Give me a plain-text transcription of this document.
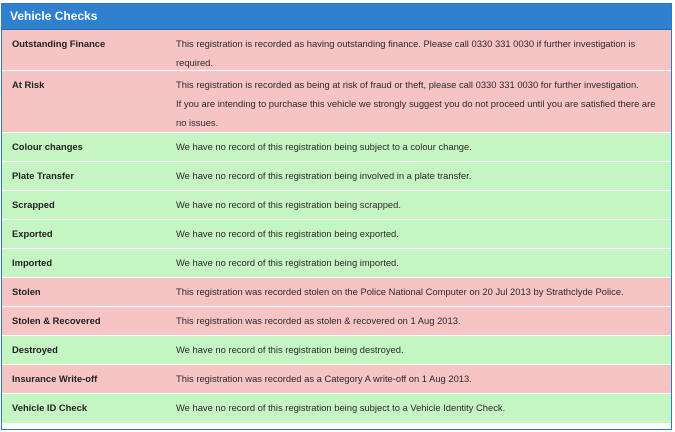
Vehicle Checks
Outstanding Finance	This registration is recorded as having outstanding finance. Please call 0330 331 0030 if further investigation is
required.
At Risk	This registration is recorded as being at risk of fraud or theft, please call 0330 331 0030 for further investigation.
If you are intending to purchase this vehicle we strongly suggest you do not proceed until you are satisfied there are
no issues.
Colour changes	We have no record of this registration being subject to a colour change.
Plate Transfer	We have no record of this registration being involved in a plate transfer.
Scrapped	We have no record of this registration being scrapped.
Exported	We have no record of this registration being exported.
Imported	We have no record of this registration being imported.
Stolen	This registration was recorded stolen on the Police National Computer on 20 Jul 2013 by Strathclyde Police.
Stolen & Recovered	This registration was recorded as stolen & recovered on 1 Aug 2013.
Destroyed	We have no record of this registration being destroyed.
Insurance Write-off	This registration was recorded as a Category A write-off on 1 Aug 2013.
Vehicle ID Check	We have no record of this registration being subject to a Vehicle Identity Check.
